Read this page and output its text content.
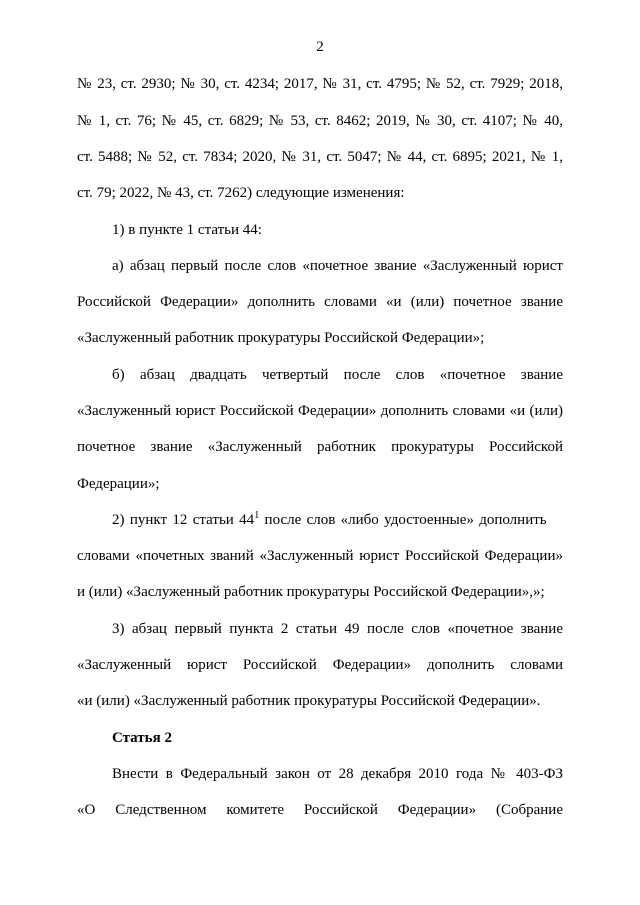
2
№ 23, ст. 2930; № 30, ст. 4234; 2017, № 31, ст. 4795; № 52, ст. 7929; 2018,
№ 1, ст. 76; № 45, ст. 6829; № 53, ст. 8462; 2019, № 30, ст. 4107; № 40,
ст. 5488; № 52, ст. 7834; 2020, № 31, ст. 5047; № 44, ст. 6895; 2021, № 1,
ст. 79; 2022, № 43, ст. 7262) следующие изменения:
1) в пункте 1 статьи 44:
а) абзац первый после слов «почетное звание «Заслуженный юрист
Российской Федерации» дополнить словами «и (или) почетное звание
«Заслуженный работник прокуратуры Российской Федерации»;
б) абзац двадцать четвертый после слов «почетное звание
«Заслуженный юрист Российской Федерации» дополнить словами «и (или)
почетное звание «Заслуженный работник прокуратуры Российской
Федерации»;
2) пункт 12 статьи $44^1$ после слов «либо удостоенные» дополнить
словами «почетных званий «Заслуженный юрист Российской Федерации»
и (или) «Заслуженный работник прокуратуры Российской Федерации»,»;
3) абзац первый пункта 2 статьи 49 после слов «почетное звание
«Заслуженный юрист Российской Федерации» дополнить словами
«и (или) «Заслуженный работник прокуратуры Российской Федерации».
Статья 2
Внести в Федеральный закон от 28 декабря 2010 года № 403-ФЗ
«О Следственном комитете Российской Федерации» (Собрание
